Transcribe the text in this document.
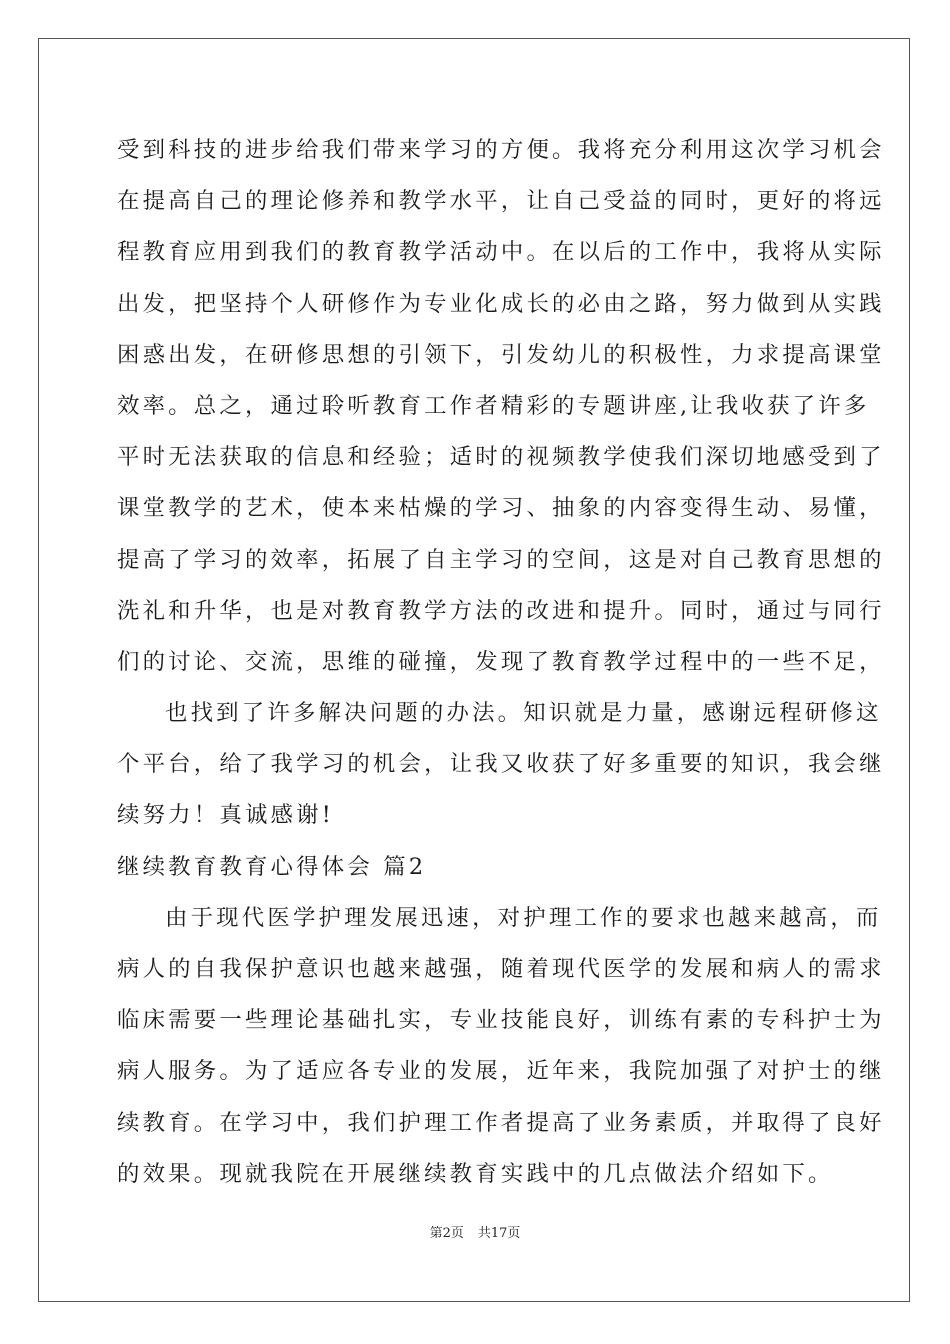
受到科技的进步给我们带来学习的方便。我将充分利用这次学习机会

在提高自己的理论修养和教学水平，让自己受益的同时，更好的将远

程教育应用到我们的教育教学活动中。在以后的工作中，我将从实际

出发，把坚持个人研修作为专业化成长的必由之路，努力做到从实践

困惑出发，在研修思想的引领下，引发幼儿的积极性，力求提高课堂

效率。总之，通过聆听教育工作者精彩的专题讲座,让我收获了许多

平时无法获取的信息和经验；适时的视频教学使我们深切地感受到了

课堂教学的艺术，使本来枯燥的学习、抽象的内容变得生动、易懂，

提高了学习的效率，拓展了自主学习的空间，这是对自己教育思想的

洗礼和升华，也是对教育教学方法的改进和提升。同时，通过与同行

们的讨论、交流，思维的碰撞，发现了教育教学过程中的一些不足，

也找到了许多解决问题的办法。知识就是力量，感谢远程研修这

个平台，给了我学习的机会，让我又收获了好多重要的知识，我会继

续努力！真诚感谢!

继续教育教育心得体会 篇2

由于现代医学护理发展迅速，对护理工作的要求也越来越高，而

病人的自我保护意识也越来越强，随着现代医学的发展和病人的需求

临床需要一些理论基础扎实，专业技能良好，训练有素的专科护士为

病人服务。为了适应各专业的发展，近年来，我院加强了对护士的继

续教育。在学习中，我们护理工作者提高了业务素质，并取得了良好

的效果。现就我院在开展继续教育实践中的几点做法介绍如下。

第2页 共17页
